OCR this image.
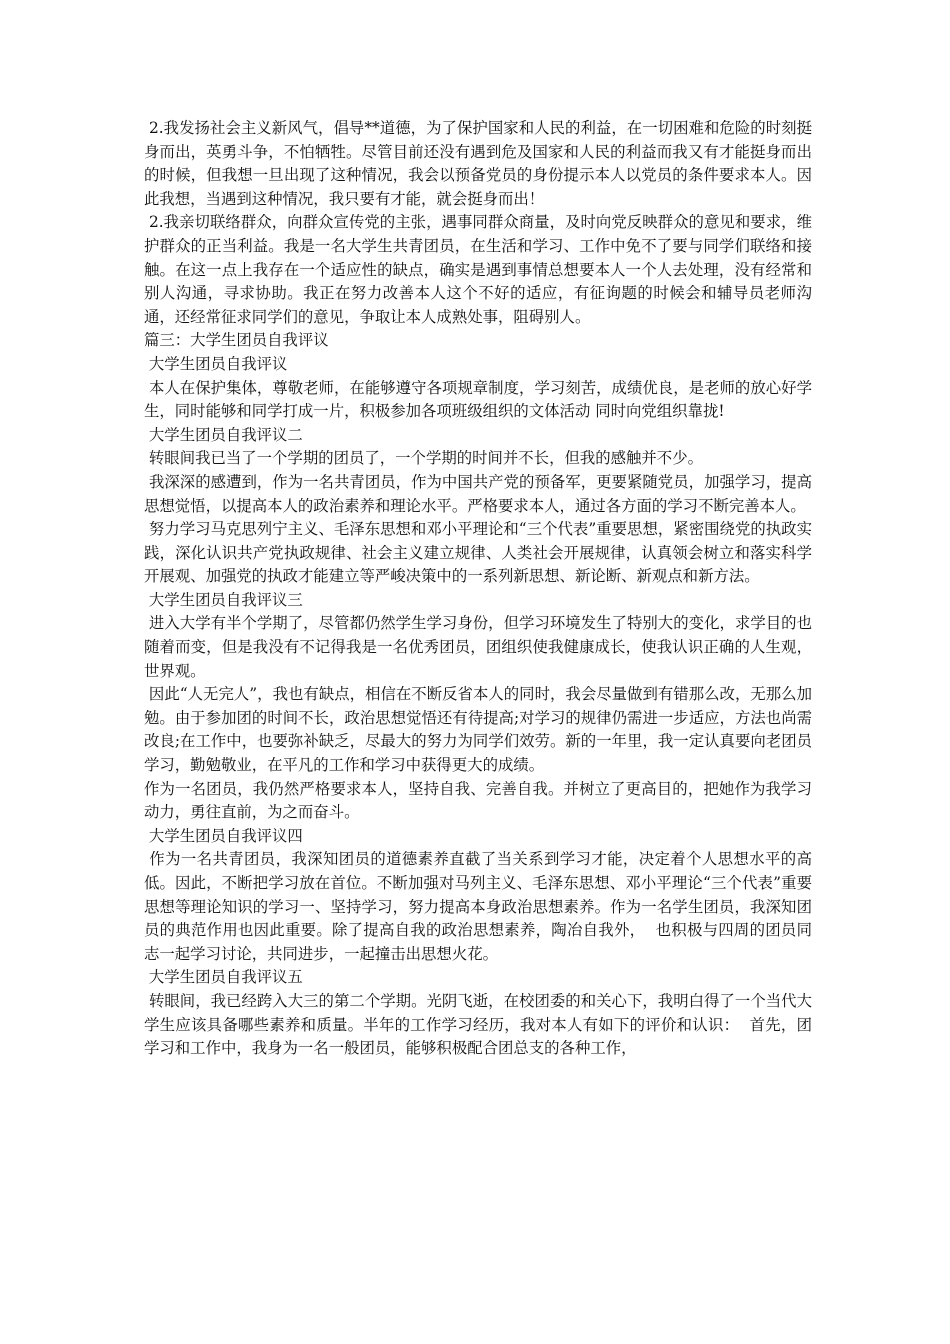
2.我发扬社会主义新风气，倡导**道德，为了保护国家和人民的利益，在一切困难和危险的时刻挺身而出，英勇斗争，不怕牺牲。尽管目前还没有遇到危及国家和人民的利益而我又有才能挺身而出的时候，但我想一旦出现了这种情况，我会以预备党员的身份提示本人以党员的条件要求本人。因此我想，当遇到这种情况，我只要有才能，就会挺身而出！

2.我亲切联络群众，向群众宣传党的主张，遇事同群众商量，及时向党反映群众的意见和要求，维护群众的正当利益。我是一名大学生共青团员，在生活和学习、工作中免不了要与同学们联络和接触。在这一点上我存在一个适应性的缺点，确实是遇到事情总想要本人一个人去处理，没有经常和别人沟通，寻求协助。我正在努力改善本人这个不好的适应，有征询题的时候会和辅导员老师沟通，还经常征求同学们的意见，争取让本人成熟处事，阻碍别人。

篇三：大学生团员自我评议

大学生团员自我评议

本人在保护集体，尊敬老师，在能够遵守各项规章制度，学习刻苦，成绩优良，是老师的放心好学生，同时能够和同学打成一片，积极参加各项班级组织的文体活动 同时向党组织靠拢!

大学生团员自我评议二

转眼间我已当了一个学期的团员了，一个学期的时间并不长，但我的感触并不少。

我深深的感遭到，作为一名共青团员，作为中国共产党的预备军，更要紧随党员，加强学习，提高思想觉悟，以提高本人的政治素养和理论水平。严格要求本人，通过各方面的学习不断完善本人。

努力学习马克思列宁主义、毛泽东思想和邓小平理论和“三个代表”重要思想，紧密围绕党的执政实践，深化认识共产党执政规律、社会主义建立规律、人类社会开展规律，认真领会树立和落实科学开展观、加强党的执政才能建立等严峻决策中的一系列新思想、新论断、新观点和新方法。

大学生团员自我评议三

进入大学有半个学期了，尽管都仍然学生学习身份，但学习环境发生了特别大的变化，求学目的也随着而变，但是我没有不记得我是一名优秀团员，团组织使我健康成长，使我认识正确的人生观，世界观。

因此“人无完人”，我也有缺点，相信在不断反省本人的同时，我会尽量做到有错那么改，无那么加勉。由于参加团的时间不长，政治思想觉悟还有待提高;对学习的规律仍需进一步适应，方法也尚需改良;在工作中，也要弥补缺乏，尽最大的努力为同学们效劳。新的一年里，我一定认真要向老团员学习，勤勉敬业，在平凡的工作和学习中获得更大的成绩。

作为一名团员，我仍然严格要求本人，坚持自我、完善自我。并树立了更高目的，把她作为我学习动力，勇往直前，为之而奋斗。

大学生团员自我评议四

作为一名共青团员，我深知团员的道德素养直截了当关系到学习才能，决定着个人思想水平的高低。因此，不断把学习放在首位。不断加强对马列主义、毛泽东思想、邓小平理论“三个代表”重要思想等理论知识的学习一、坚持学习，努力提高本身政治思想素养。作为一名学生团员，我深知团员的典范作用也因此重要。除了提高自我的政治思想素养，陶冶自我外，  也积极与四周的团员同志一起学习讨论，共同进步，一起撞击出思想火花。

大学生团员自我评议五

转眼间，我已经跨入大三的第二个学期。光阴飞逝，在校团委的和关心下，我明白得了一个当代大学生应该具备哪些素养和质量。半年的工作学习经历，我对本人有如下的评价和认识：  首先，团学习和工作中，我身为一名一般团员，能够积极配合团总支的各种工作，
